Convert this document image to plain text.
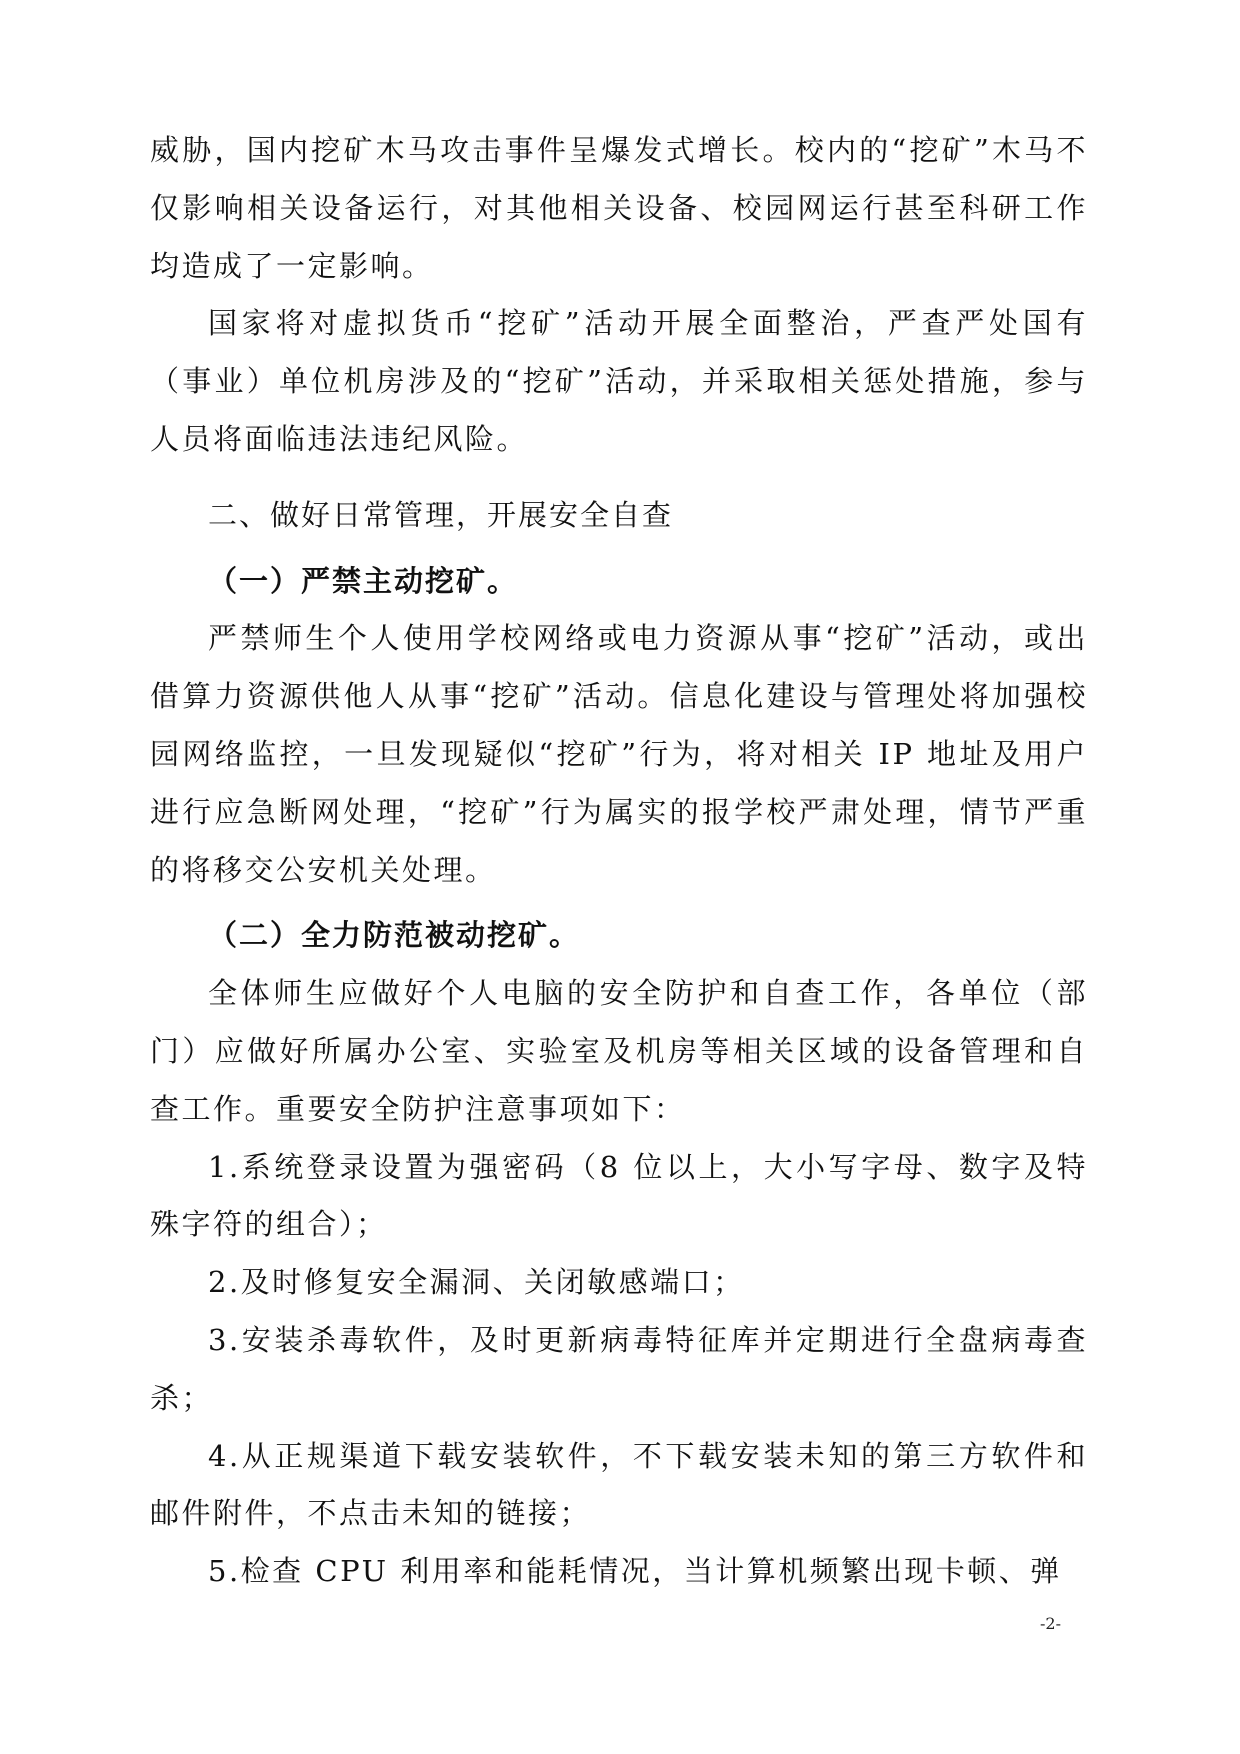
威胁，国内挖矿木马攻击事件呈爆发式增长。校内的“挖矿”木马不仅影响相关设备运行，对其他相关设备、校园网运行甚至科研工作均造成了一定影响。

国家将对虚拟货币“挖矿”活动开展全面整治，严查严处国有（事业）单位机房涉及的“挖矿”活动，并采取相关惩处措施，参与人员将面临违法违纪风险。

二、做好日常管理，开展安全自查
（一）严禁主动挖矿。

严禁师生个人使用学校网络或电力资源从事“挖矿”活动，或出借算力资源供他人从事“挖矿”活动。信息化建设与管理处将加强校园网络监控，一旦发现疑似“挖矿”行为，将对相关 IP 地址及用户进行应急断网处理，“挖矿”行为属实的报学校严肃处理，情节严重的将移交公安机关处理。

（二）全力防范被动挖矿。

全体师生应做好个人电脑的安全防护和自查工作，各单位（部门）应做好所属办公室、实验室及机房等相关区域的设备管理和自查工作。重要安全防护注意事项如下：

1.系统登录设置为强密码（8 位以上，大小写字母、数字及特殊字符的组合）；

2.及时修复安全漏洞、关闭敏感端口；

3.安装杀毒软件，及时更新病毒特征库并定期进行全盘病毒查杀；

4.从正规渠道下载安装软件，不下载安装未知的第三方软件和邮件附件，不点击未知的链接；

5.检查 CPU 利用率和能耗情况，当计算机频繁出现卡顿、弹

-2-
